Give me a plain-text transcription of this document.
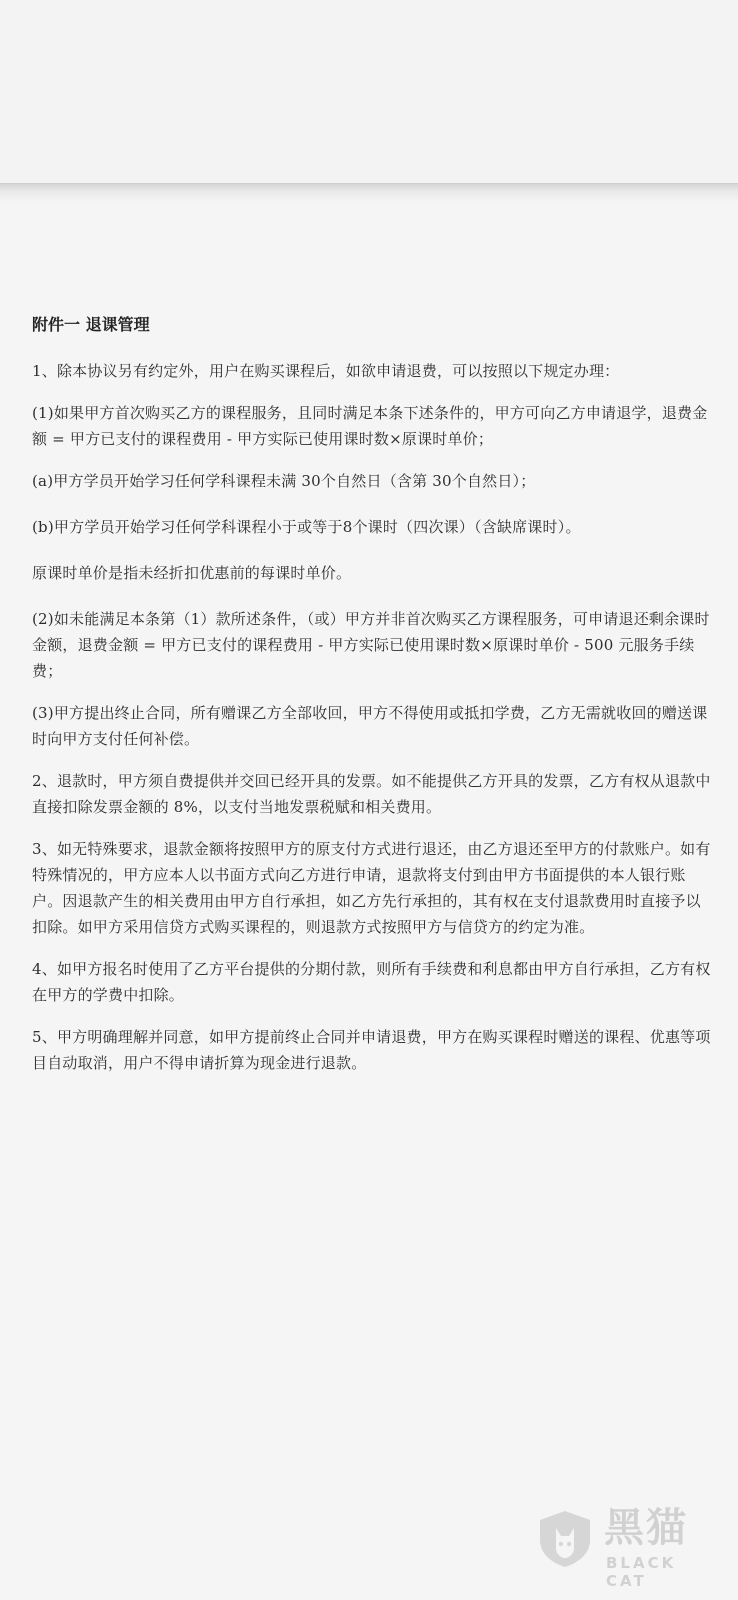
附件一 退课管理

1、除本协议另有约定外，用户在购买课程后，如欲申请退费，可以按照以下规定办理：

(1)如果甲方首次购买乙方的课程服务，且同时满足本条下述条件的，甲方可向乙方申请退学，退费金额 = 甲方已支付的课程费用 - 甲方实际已使用课时数×原课时单价；

(a)甲方学员开始学习任何学科课程未满 30个自然日（含第 30个自然日）；

(b)甲方学员开始学习任何学科课程小于或等于8个课时（四次课）（含缺席课时）。

原课时单价是指未经折扣优惠前的每课时单价。

(2)如未能满足本条第（1）款所述条件，（或）甲方并非首次购买乙方课程服务，可申请退还剩余课时金额，退费金额 = 甲方已支付的课程费用 - 甲方实际已使用课时数×原课时单价 - 500 元服务手续费；

(3)甲方提出终止合同，所有赠课乙方全部收回，甲方不得使用或抵扣学费，乙方无需就收回的赠送课时向甲方支付任何补偿。

2、退款时，甲方须自费提供并交回已经开具的发票。如不能提供乙方开具的发票，乙方有权从退款中直接扣除发票金额的 8%，以支付当地发票税赋和相关费用。

3、如无特殊要求，退款金额将按照甲方的原支付方式进行退还，由乙方退还至甲方的付款账户。如有特殊情况的，甲方应本人以书面方式向乙方进行申请，退款将支付到由甲方书面提供的本人银行账户。因退款产生的相关费用由甲方自行承担，如乙方先行承担的，其有权在支付退款费用时直接予以扣除。如甲方采用信贷方式购买课程的，则退款方式按照甲方与信贷方的约定为准。

4、如甲方报名时使用了乙方平台提供的分期付款，则所有手续费和利息都由甲方自行承担，乙方有权在甲方的学费中扣除。

5、甲方明确理解并同意，如甲方提前终止合同并申请退费，甲方在购买课程时赠送的课程、优惠等项目自动取消，用户不得申请折算为现金进行退款。

黑猫
BLACK CAT
